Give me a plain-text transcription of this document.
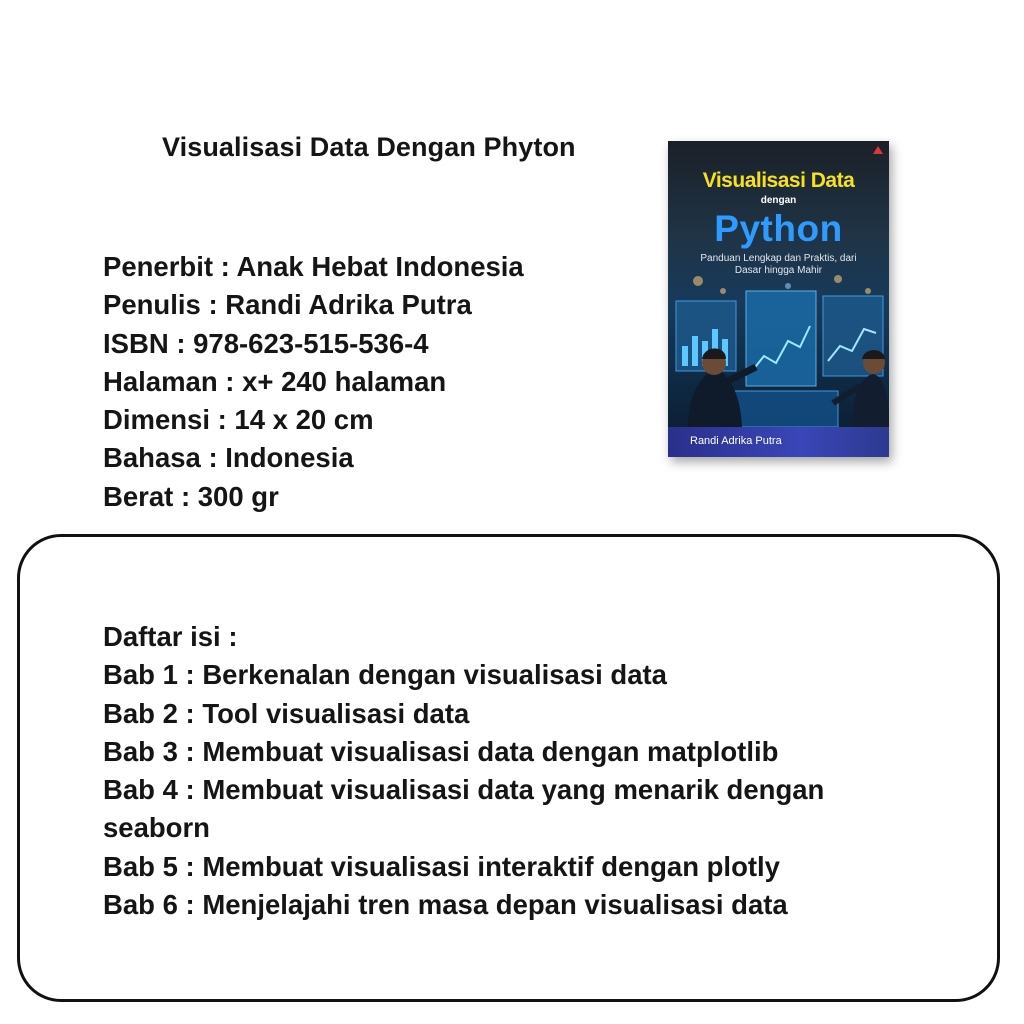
Visualisasi Data Dengan Phyton
Penerbit : Anak Hebat Indonesia
Penulis : Randi Adrika Putra
ISBN : 978-623-515-536-4
Halaman : x+ 240 halaman
Dimensi : 14 x 20 cm
Bahasa : Indonesia
Berat : 300 gr
Visualisasi Data
dengan
Python
Panduan Lengkap dan Praktis, dari Dasar hingga Mahir
Randi Adrika Putra
Daftar isi :
Bab 1 : Berkenalan dengan visualisasi data
Bab 2 : Tool visualisasi data
Bab 3 : Membuat visualisasi data dengan matplotlib
Bab 4 : Membuat visualisasi data yang menarik dengan seaborn
Bab 5 : Membuat visualisasi interaktif dengan plotly
Bab 6 : Menjelajahi tren masa depan visualisasi data
